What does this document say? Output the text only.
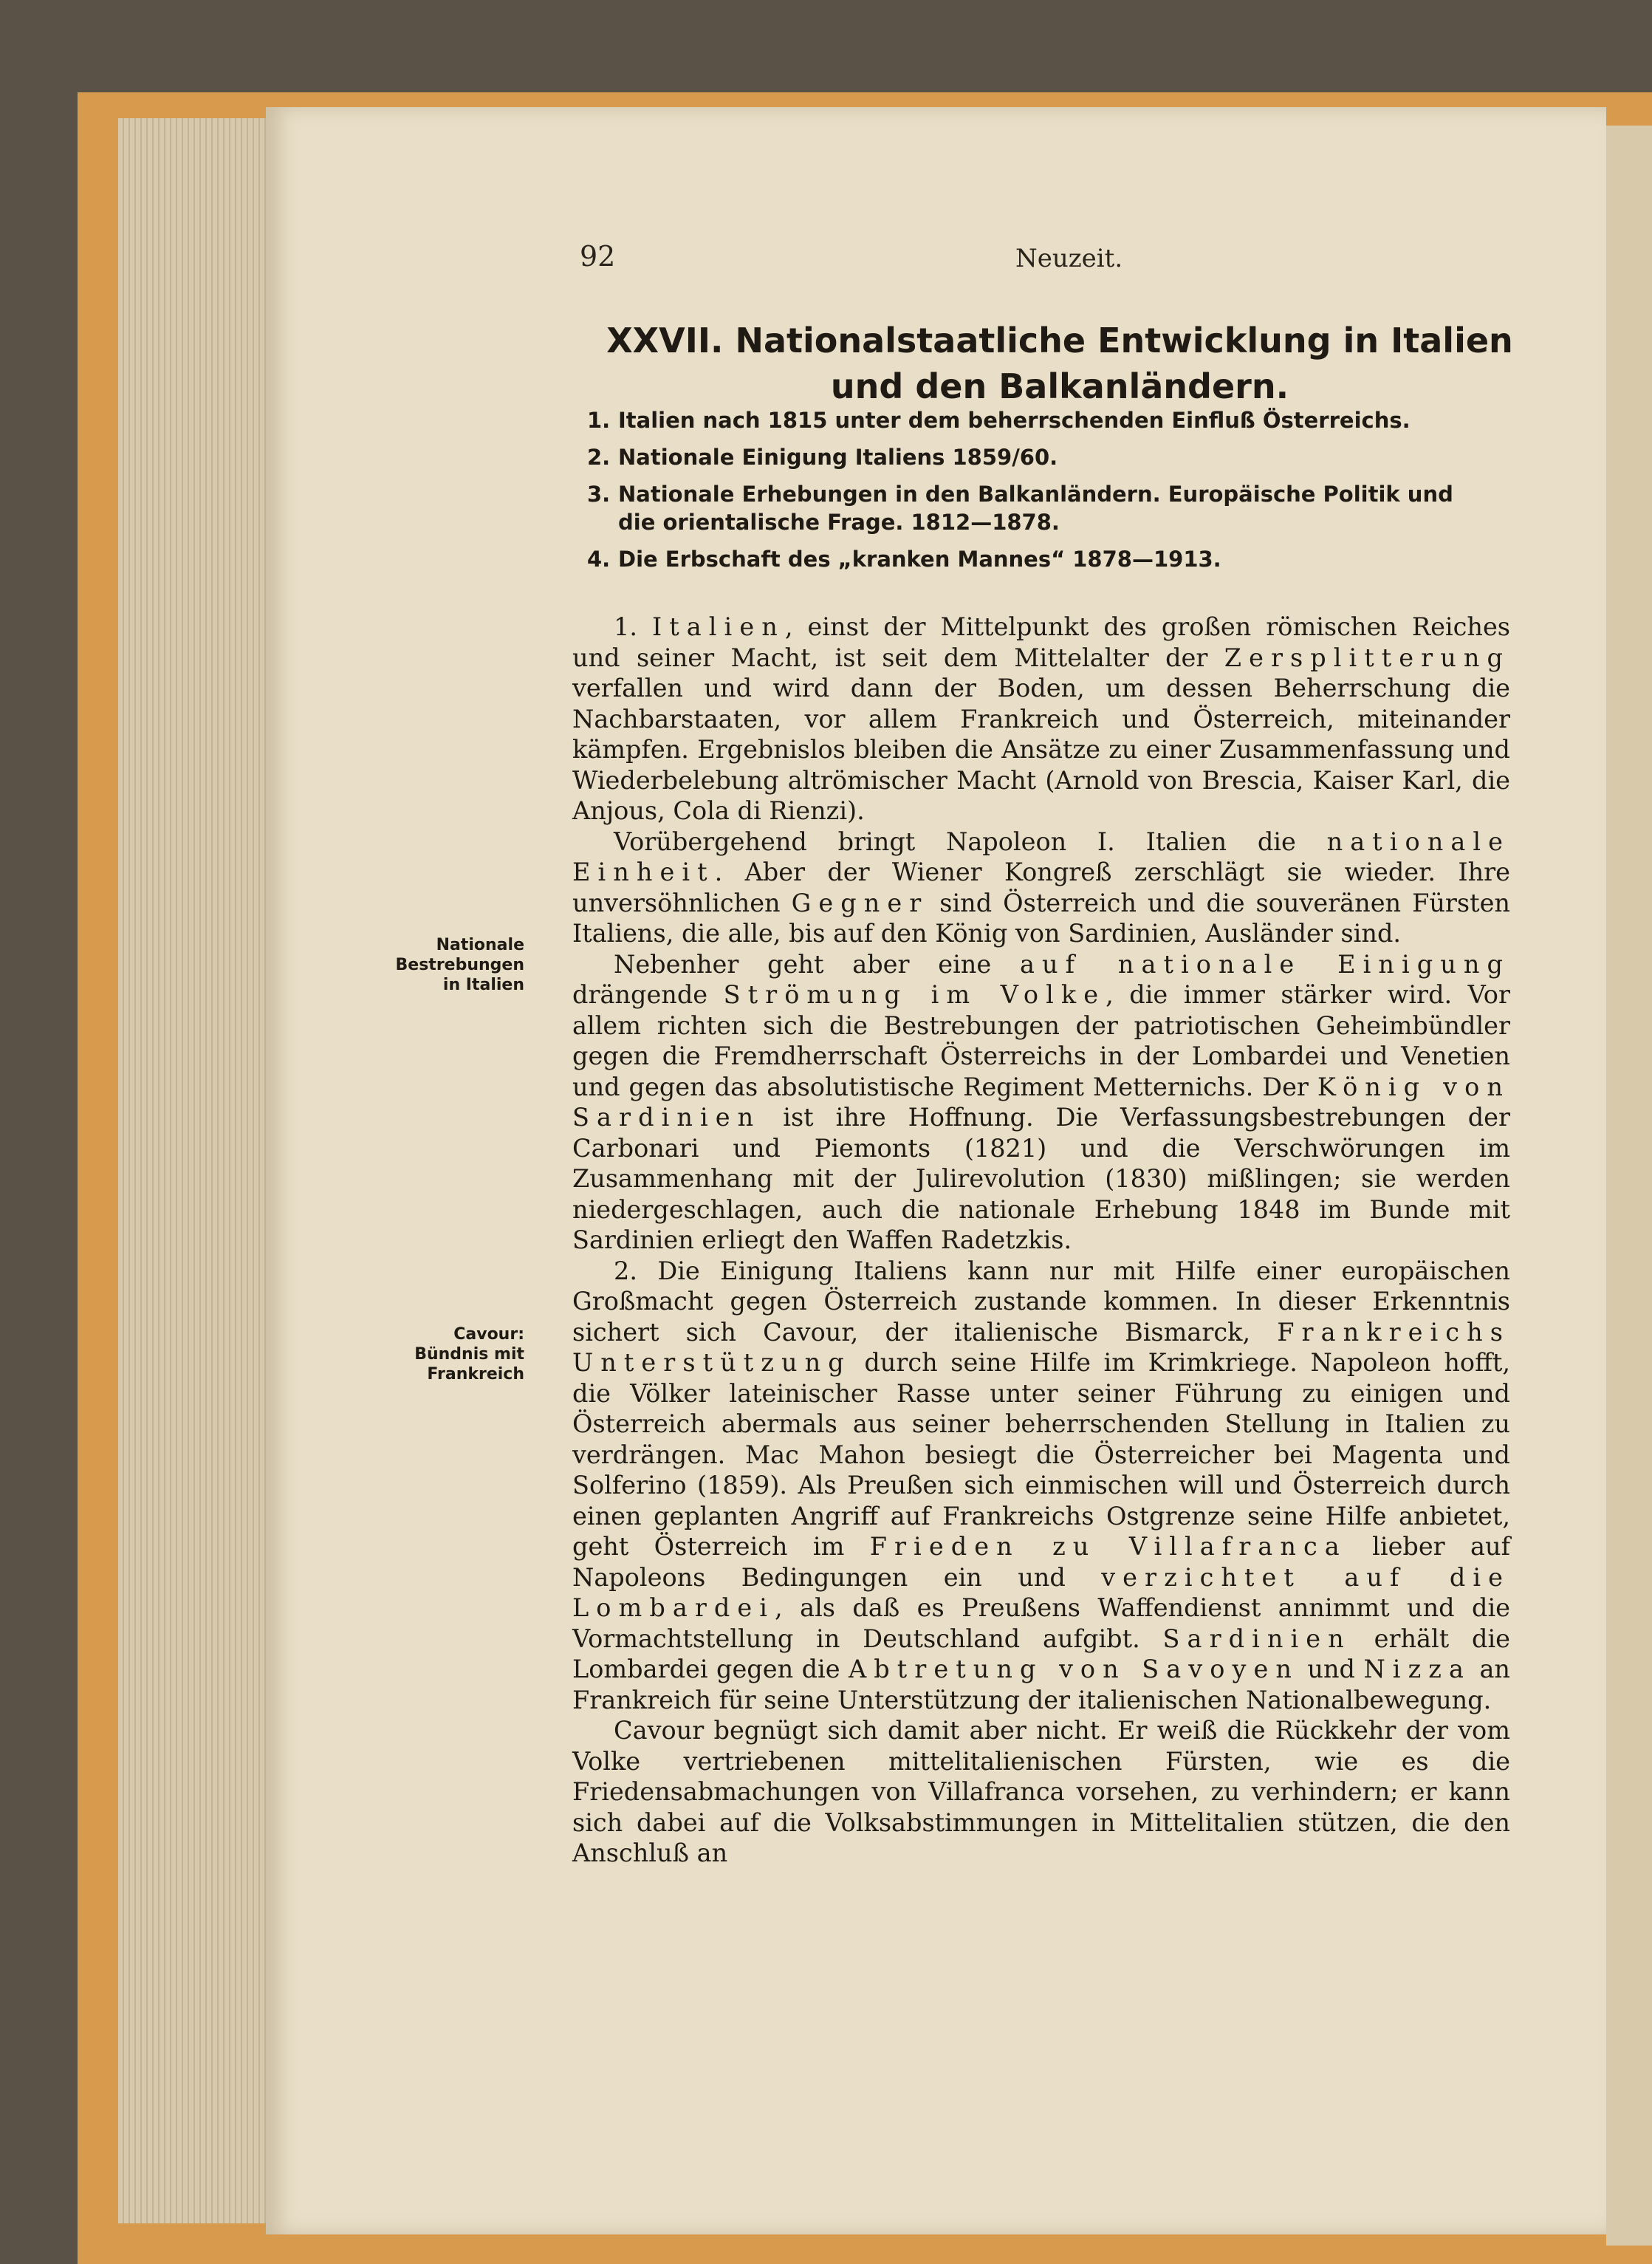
92	Neuzeit.
XXVII. Nationalstaatliche Entwicklung in Italien und den Balkanländern.
1. Italien nach 1815 unter dem beherrschenden Einfluß Österreichs.
2. Nationale Einigung Italiens 1859/60.
3. Nationale Erhebungen in den Balkanländern. Europäische Politik und
die orientalische Frage. 1812—1878.
4. Die Erbschaft des „kranken Mannes“ 1878—1913.
Nationale
Bestrebungen
in Italien
Cavour:
Bündnis mit
Frankreich

1. Italien, einst der Mittelpunkt des großen römischen Reiches und seiner Macht, ist seit dem Mittelalter der Zersplitterung verfallen und wird dann der Boden, um dessen Beherrschung die Nachbarstaaten, vor allem Frankreich und Österreich, miteinander kämpfen. Ergebnislos bleiben die Ansätze zu einer Zusammenfassung und Wiederbelebung altrömischer Macht (Arnold von Brescia, Kaiser Karl, die Anjous, Cola di Rienzi).

Vorübergehend bringt Napoleon I. Italien die nationale Einheit. Aber der Wiener Kongreß zerschlägt sie wieder. Ihre unversöhnlichen Gegner sind Österreich und die souveränen Fürsten Italiens, die alle, bis auf den König von Sardinien, Ausländer sind.

Nebenher geht aber eine auf nationale Einigung drängende Strömung im Volke, die immer stärker wird. Vor allem richten sich die Bestrebungen der patriotischen Geheimbündler gegen die Fremdherrschaft Österreichs in der Lombardei und Venetien und gegen das absolutistische Regiment Metternichs. Der König von Sardinien ist ihre Hoffnung. Die Verfassungsbestrebungen der Carbonari und Piemonts (1821) und die Verschwörungen im Zusammenhang mit der Julirevolution (1830) mißlingen; sie werden niedergeschlagen, auch die nationale Erhebung 1848 im Bunde mit Sardinien erliegt den Waffen Radetzkis.

2. Die Einigung Italiens kann nur mit Hilfe einer europäischen Großmacht gegen Österreich zustande kommen. In dieser Erkenntnis sichert sich Cavour, der italienische Bismarck, Frankreichs Unterstützung durch seine Hilfe im Krimkriege. Napoleon hofft, die Völker lateinischer Rasse unter seiner Führung zu einigen und Österreich abermals aus seiner beherrschenden Stellung in Italien zu verdrängen. Mac Mahon besiegt die Österreicher bei Magenta und Solferino (1859). Als Preußen sich einmischen will und Österreich durch einen geplanten Angriff auf Frankreichs Ostgrenze seine Hilfe anbietet, geht Österreich im Frieden zu Villafranca lieber auf Napoleons Bedingungen ein und verzichtet auf die Lombardei, als daß es Preußens Waffendienst annimmt und die Vormachtstellung in Deutschland aufgibt. Sardinien erhält die Lombardei gegen die Abtretung von Savoyen und Nizza an Frankreich für seine Unterstützung der italienischen Nationalbewegung.

Cavour begnügt sich damit aber nicht. Er weiß die Rückkehr der vom Volke vertriebenen mittelitalienischen Fürsten, wie es die Friedensabmachungen von Villafranca vorsehen, zu verhindern; er kann sich dabei auf die Volksabstimmungen in Mittelitalien stützen, die den Anschluß an
